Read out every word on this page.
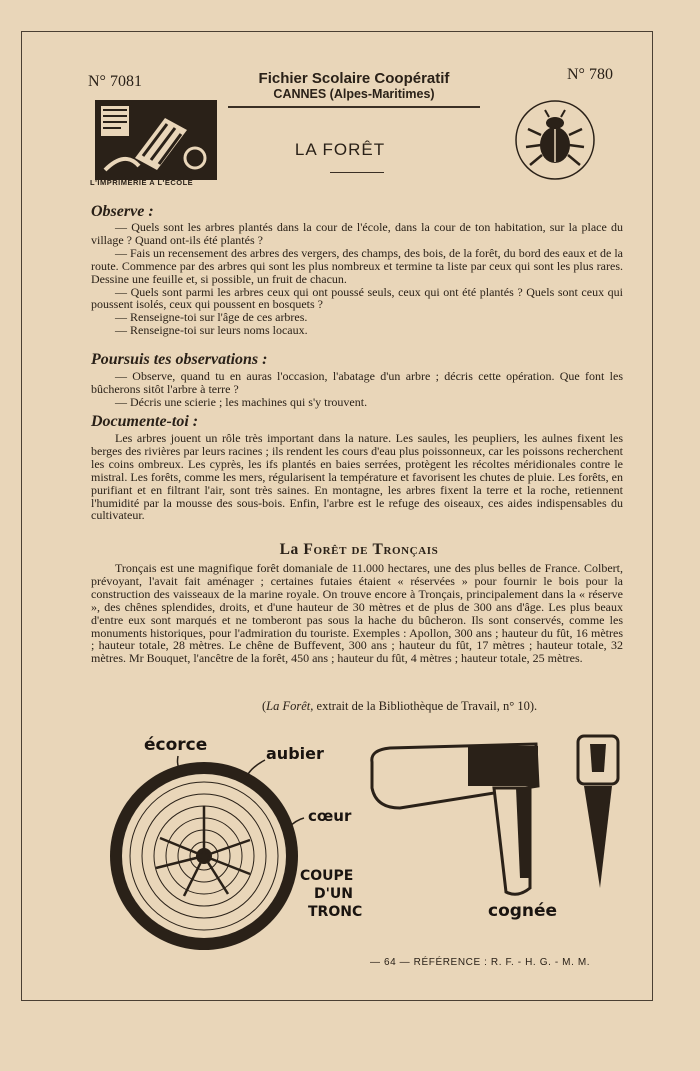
N° 7081	N° 780
Fichier Scolaire Coopératif
CANNES (Alpes-Maritimes)
L'IMPRIMERIE A L'ECOLE
LA FORÊT
Observe :

— Quels sont les arbres plantés dans la cour de l'école, dans la cour de ton habitation, sur la place du village ? Quand ont-ils été plantés ?

— Fais un recensement des arbres des vergers, des champs, des bois, de la forêt, du bord des eaux et de la route. Commence par des arbres qui sont les plus nombreux et termine ta liste par ceux qui sont les plus rares. Dessine une feuille et, si possible, un fruit de chacun.

— Quels sont parmi les arbres ceux qui ont poussé seuls, ceux qui ont été plantés ? Quels sont ceux qui poussent isolés, ceux qui poussent en bosquets ?

— Renseigne-toi sur l'âge de ces arbres.

— Renseigne-toi sur leurs noms locaux.

Poursuis tes observations :

— Observe, quand tu en auras l'occasion, l'abatage d'un arbre ; décris cette opération. Que font les bûcherons sitôt l'arbre à terre ?

— Décris une scierie ; les machines qui s'y trouvent.

Documente-toi :

Les arbres jouent un rôle très important dans la nature. Les saules, les peupliers, les aulnes fixent les berges des rivières par leurs racines ; ils rendent les cours d'eau plus poissonneux, car les poissons recherchent les coins ombreux. Les cyprès, les ifs plantés en baies serrées, protègent les récoltes méridionales contre le mistral. Les forêts, comme les mers, régularisent la température et favorisent les chutes de pluie. Les forêts, en purifiant et en filtrant l'air, sont très saines. En montagne, les arbres fixent la terre et la roche, retiennent l'humidité par la mousse des sous-bois. Enfin, l'arbre est le refuge des oiseaux, ces aides indispensables du cultivateur.

La Forêt de Tronçais

Tronçais est une magnifique forêt domaniale de 11.000 hectares, une des plus belles de France. Colbert, prévoyant, l'avait fait aménager ; certaines futaies étaient « réservées » pour fournir le bois pour la construction des vaisseaux de la marine royale. On trouve encore à Tronçais, principalement dans la « réserve », des chênes splendides, droits, et d'une hauteur de 30 mètres et de plus de 300 ans d'âge. Les plus beaux d'entre eux sont marqués et ne tomberont pas sous la hache du bûcheron. Ils sont conservés, comme les monuments historiques, pour l'admiration du touriste. Exemples : Apollon, 300 ans ; hauteur du fût, 16 mètres ; hauteur totale, 28 mètres. Le chêne de Buffevent, 300 ans ; hauteur du fût, 17 mètres ; hauteur totale, 32 mètres. Mr Bouquet, l'ancêtre de la forêt, 450 ans ; hauteur du fût, 4 mètres ; hauteur totale, 25 mètres.

(La Forêt, extrait de la Bibliothèque de Travail, n° 10).
écorce	aubier
cœur
COUPE
D'UN
TRONC	cognée
— 64 — RÉFÉRENCE : R. F. - H. G. - M. M.
